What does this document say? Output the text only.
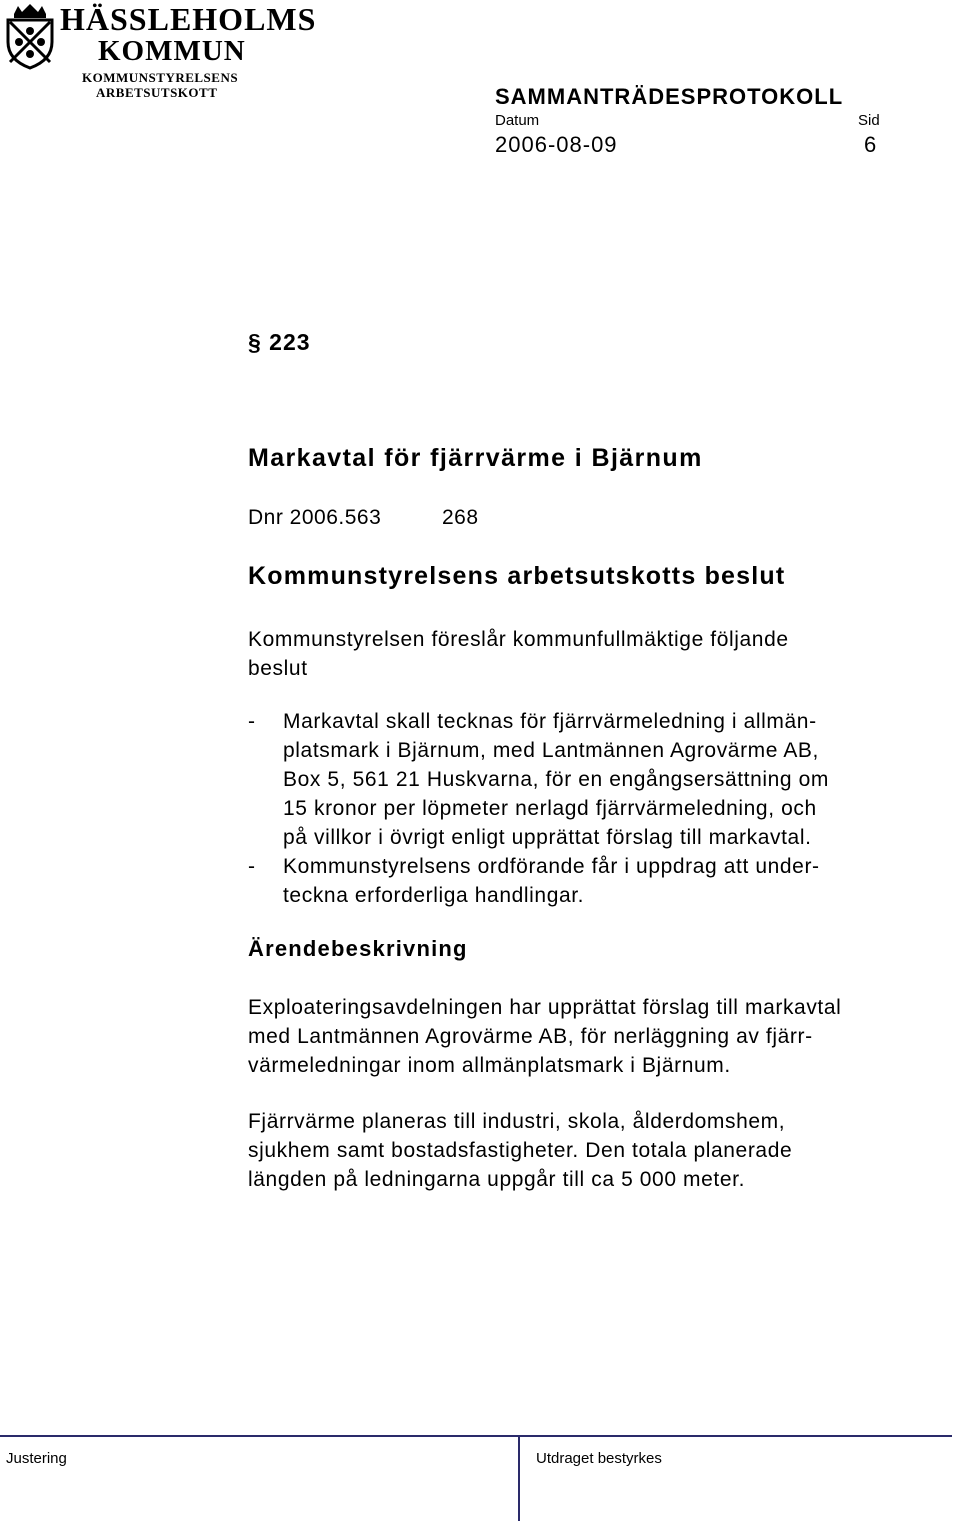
HÄSSLEHOLMS
KOMMUN
KOMMUNSTYRELSENS
ARBETSUTSKOTT	SAMMANTRÄDESPROTOKOLL
Datum	Sid
2006-08-09	6
§ 223
Markavtal för fjärrvärme i Bjärnum
Dnr 2006.563	268
Kommunstyrelsens arbetsutskotts beslut
Kommunstyrelsen föreslår kommunfullmäktige följande
beslut
- Markavtal skall tecknas för fjärrvärmeledning i allmän-
platsmark i Bjärnum, med Lantmännen Agrovärme AB,
Box 5, 561 21 Huskvarna, för en engångsersättning om
15 kronor per löpmeter nerlagd fjärrvärmeledning, och
på villkor i övrigt enligt upprättat förslag till markavtal.
- Kommunstyrelsens ordförande får i uppdrag att under-
teckna erforderliga handlingar.
Ärendebeskrivning
Exploateringsavdelningen har upprättat förslag till markavtal
med Lantmännen Agrovärme AB, för nerläggning av fjärr-
värmeledningar inom allmänplatsmark i Bjärnum.
Fjärrvärme planeras till industri, skola, ålderdomshem,
sjukhem samt bostadsfastigheter. Den totala planerade
längden på ledningarna uppgår till ca 5 000 meter.
Justering	Utdraget bestyrkes
